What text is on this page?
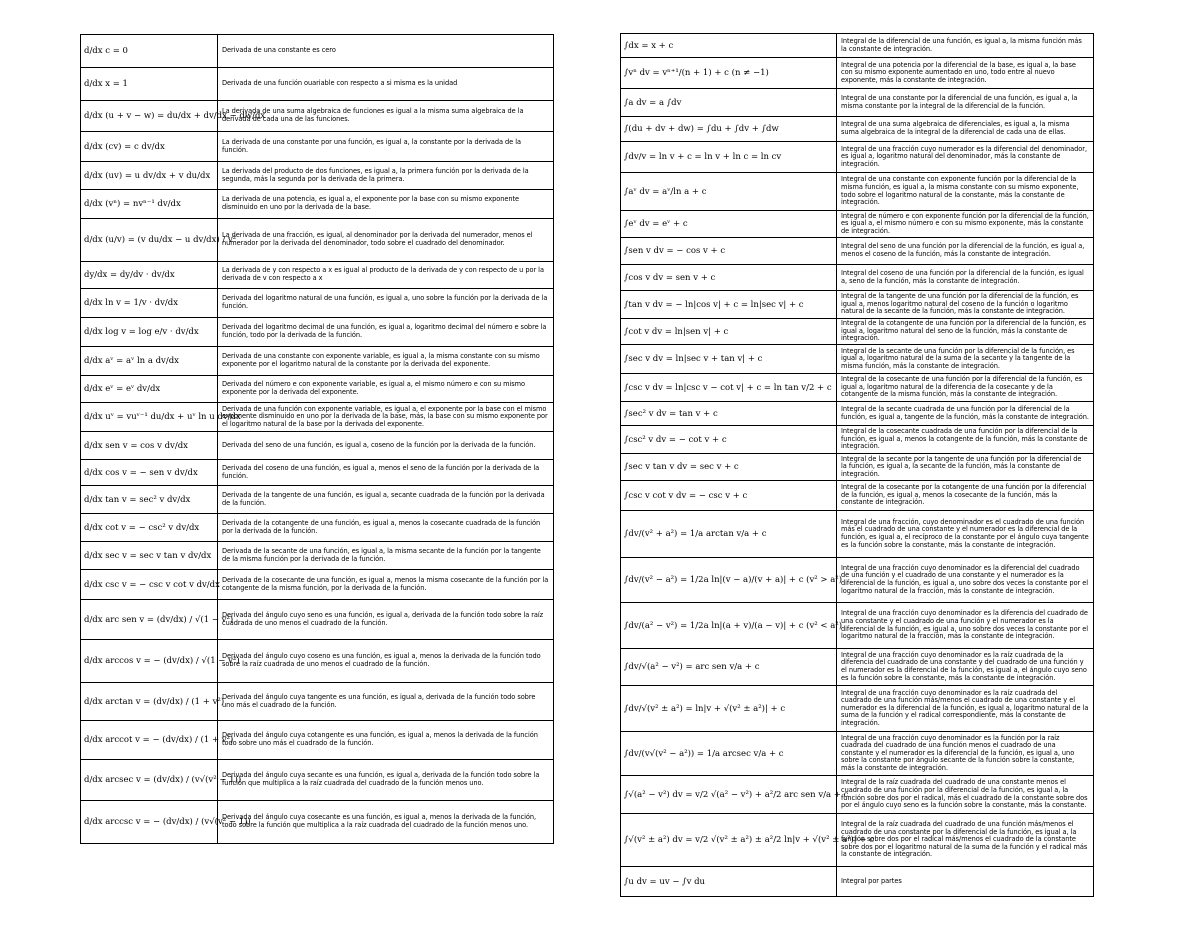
d/dx c = 0	Derivada de una constante es cero
d/dx x = 1	Derivada de una función ouariable con respecto a si misma es la unidad
d/dx (u + v − w) = du/dx + dv/dx − dw/dx	La derivada de una suma algebraica de funciones es igual a la misma suma algebraica de la derivada de cada una de las funciones.
d/dx (cv) = c dv/dx	La derivada de una constante por una función, es igual a, la constante por la derivada de la función.
d/dx (uv) = u dv/dx + v du/dx	La derivada del producto de dos funciones, es igual a, la primera función por la derivada de la segunda, más la segunda por la derivada de la primera.
d/dx (vⁿ) = nvⁿ⁻¹ dv/dx	La derivada de una potencia, es igual a, el exponente por la base con su mismo exponente disminuido en uno por la derivada de la base.
d/dx (u/v) = (v du/dx − u dv/dx) / v²	La derivada de una fracción, es igual, al denominador por la derivada del numerador, menos el numerador por la derivada del denominador, todo sobre el cuadrado del denominador.
dy/dx = dy/dv · dv/dx	La derivada de y con respecto a x es igual al producto de la derivada de y con respecto de u por la derivada de v con respecto a x
d/dx ln v = 1/v · dv/dx	Derivada del logaritmo natural de una función, es igual a, uno sobre la función por la derivada de la función.
d/dx log v = log e/v · dv/dx	Derivada del logaritmo decimal de una función, es igual a, logaritmo decimal del número e sobre la función, todo por la derivada de la función.
d/dx aᵛ = aᵛ ln a dv/dx	Derivada de una constante con exponente variable, es igual a, la misma constante con su mismo exponente por el logaritmo natural de la constante por la derivada del exponente.
d/dx eᵛ = eᵛ dv/dx	Derivada del número e con exponente variable, es igual a, el mismo número e con su mismo exponente por la derivada del exponente.
d/dx uᵛ = vuᵛ⁻¹ du/dx + uᵛ ln u dv/dx	Derivada de una función con exponente variable, es igual a, el exponente por la base con el mismo exponente disminuido en uno por la derivada de la base, más, la base con su mismo exponente por el logaritmo natural de la base por la derivada del exponente.
d/dx sen v = cos v dv/dx	Derivada del seno de una función, es igual a, coseno de la función por la derivada de la función.
d/dx cos v = − sen v dv/dx	Derivada del coseno de una función, es igual a, menos el seno de la función por la derivada de la función.
d/dx tan v = sec² v dv/dx	Derivada de la tangente de una función, es igual a, secante cuadrada de la función por la derivada de la función.
d/dx cot v = − csc² v dv/dx	Derivada de la cotangente de una función, es igual a, menos la cosecante cuadrada de la función por la derivada de la función.
d/dx sec v = sec v tan v dv/dx	Derivada de la secante de una función, es igual a, la misma secante de la función por la tangente de la misma función por la derivada de la función.
d/dx csc v = − csc v cot v dv/dx	Derivada de la cosecante de una función, es igual a, menos la misma cosecante de la función por la cotangente de la misma función, por la derivada de la función.
d/dx arc sen v = (dv/dx) / √(1 − v²)	Derivada del ángulo cuyo seno es una función, es igual a, derivada de la función todo sobre la raíz cuadrada de uno menos el cuadrado de la función.
d/dx arccos v = − (dv/dx) / √(1 − v²)	Derivada del ángulo cuyo coseno es una función, es igual a, menos la derivada de la función todo sobre la raíz cuadrada de uno menos el cuadrado de la función.
d/dx arctan v = (dv/dx) / (1 + v²)	Derivada del ángulo cuya tangente es una función, es igual a, derivada de la función todo sobre uno más el cuadrado de la función.
d/dx arccot v = − (dv/dx) / (1 + v²)	Derivada del ángulo cuya cotangente es una función, es igual a, menos la derivada de la función todo sobre uno más el cuadrado de la función.
d/dx arcsec v = (dv/dx) / (v√(v² − 1))	Derivada del ángulo cuya secante es una función, es igual a, derivada de la función todo sobre la función que multiplica a la raíz cuadrada del cuadrado de la función menos uno.
d/dx arccsc v = − (dv/dx) / (v√(v² − 1))	Derivada del ángulo cuya cosecante es una función, es igual a, menos la derivada de la función, todo sobre la función que multiplica a la raíz cuadrada del cuadrado de la función menos uno.
∫dx = x + c	Integral de la diferencial de una función, es igual a, la misma función más la constante de integración.
∫vⁿ dv = vⁿ⁺¹/(n + 1) + c (n ≠ −1)	Integral de una potencia por la diferencial de la base, es igual a, la base con su mismo exponente aumentado en uno, todo entre al nuevo exponente, más la constante de integración.
∫a dv = a ∫dv	Integral de una constante por la diferencial de una función, es igual a, la misma constante por la integral de la diferencial de la función.
∫(du + dv + dw) = ∫du + ∫dv + ∫dw	Integral de una suma algebraica de diferenciales, es igual a, la misma suma algebraica de la integral de la diferencial de cada una de ellas.
∫dv/v = ln v + c = ln v + ln c = ln cv	Integral de una fracción cuyo numerador es la diferencial del denominador, es igual a, logaritmo natural del denominador, más la constante de integración.
∫aᵛ dv = aᵛ/ln a + c	Integral de una constante con exponente función por la diferencial de la misma función, es igual a, la misma constante con su mismo exponente, todo sobre el logaritmo natural de la constante, más la constante de integración.
∫eᵛ dv = eᵛ + c	Integral de número e con exponente función por la diferencial de la función, es igual a, el mismo número e con su mismo exponente, más la constante de integración.
∫sen v dv = − cos v + c	Integral del seno de una función por la diferencial de la función, es igual a, menos el coseno de la función, más la constante de integración.
∫cos v dv = sen v + c	Integral del coseno de una función por la diferencial de la función, es igual a, seno de la función, más la constante de integración.
∫tan v dv = − ln|cos v| + c = ln|sec v| + c	Integral de la tangente de una función por la diferencial de la función, es igual a, menos logaritmo natural del coseno de la función o logaritmo natural de la secante de la función, más la constante de integración.
∫cot v dv = ln|sen v| + c	Integral de la cotangente de una función por la diferencial de la función, es igual a, logaritmo natural del seno de la función, más la constante de integración.
∫sec v dv = ln|sec v + tan v| + c	Integral de la secante de una función por la diferencial de la función, es igual a, logaritmo natural de la suma de la secante y la tangente de la misma función, más la constante de integración.
∫csc v dv = ln|csc v − cot v| + c = ln tan v/2 + c	Integral de la cosecante de una función por la diferencial de la función, es igual a, logaritmo natural de la diferencia de la cosecante y de la cotangente de la misma función, más la constante de integración.
∫sec² v dv = tan v + c	Integral de la secante cuadrada de una función por la diferencial de la función, es igual a, tangente de la función, más la constante de integración.
∫csc² v dv = − cot v + c	Integral de la cosecante cuadrada de una función por la diferencial de la función, es igual a, menos la cotangente de la función, más la constante de integración.
∫sec v tan v dv = sec v + c	Integral de la secante por la tangente de una función por la diferencial de la función, es igual a, la secante de la función, más la constante de integración.
∫csc v cot v dv = − csc v + c	Integral de la cosecante por la cotangente de una función por la diferencial de la función, es igual a, menos la cosecante de la función, más la constante de integración.
∫dv/(v² + a²) = 1/a arctan v/a + c	Integral de una fracción, cuyo denominador es el cuadrado de una función más el cuadrado de una constante y el numerador es la diferencial de la función, es igual a, el recíproco de la constante por el ángulo cuya tangente es la función sobre la constante, más la constante de integración.
∫dv/(v² − a²) = 1/2a ln|(v − a)/(v + a)| + c (v² > a²)	Integral de una fracción cuyo denominador es la diferencial del cuadrado de una función y el cuadrado de una constante y el numerador es la diferencial de la función, es igual a, uno sobre dos veces la constante por el logaritmo natural de la fracción, más la constante de integración.
∫dv/(a² − v²) = 1/2a ln|(a + v)/(a − v)| + c (v² < a²)	Integral de una fracción cuyo denominador es la diferencia del cuadrado de una constante y el cuadrado de una función y el numerador es la diferencial de la función, es igual a, uno sobre dos veces la constante por el logaritmo natural de la fracción, más la constante de integración.
∫dv/√(a² − v²) = arc sen v/a + c	Integral de una fracción cuyo denominador es la raíz cuadrada de la diferencia del cuadrado de una constante y del cuadrado de una función y el numerador es la diferencial de la función, es igual a, el ángulo cuyo seno es la función sobre la constante, más la constante de integración.
∫dv/√(v² ± a²) = ln|v + √(v² ± a²)| + c	Integral de una fracción cuyo denominador es la raíz cuadrada del cuadrado de una función más/menos el cuadrado de una constante y el numerador es la diferencial de la función, es igual a, logaritmo natural de la suma de la función y el radical correspondiente, más la constante de integración.
∫dv/(v√(v² − a²)) = 1/a arcsec v/a + c	Integral de una fracción cuyo denominador es la función por la raíz cuadrada del cuadrado de una función menos el cuadrado de una constante y el numerador es la diferencial de la función, es igual a, uno sobre la constante por ángulo secante de la función sobre la constante, más la constante de integración.
∫√(a² − v²) dv = v/2 √(a² − v²) + a²/2 arc sen v/a + c	Integral de la raíz cuadrada del cuadrado de una constante menos el cuadrado de una función por la diferencial de la función, es igual a, la función sobre dos por el radical, más el cuadrado de la constante sobre dos por el ángulo cuyo seno es la función sobre la constante, más la constante.
∫√(v² ± a²) dv = v/2 √(v² ± a²) ± a²/2 ln|v + √(v² ± a²)| + c	Integral de la raíz cuadrada del cuadrado de una función más/menos el cuadrado de una constante por la diferencial de la función, es igual a, la función sobre dos por el radical más/menos el cuadrado de la constante sobre dos por el logaritmo natural de la suma de la función y el radical más la constante de integración.
∫u dv = uv − ∫v du	Integral por partes
